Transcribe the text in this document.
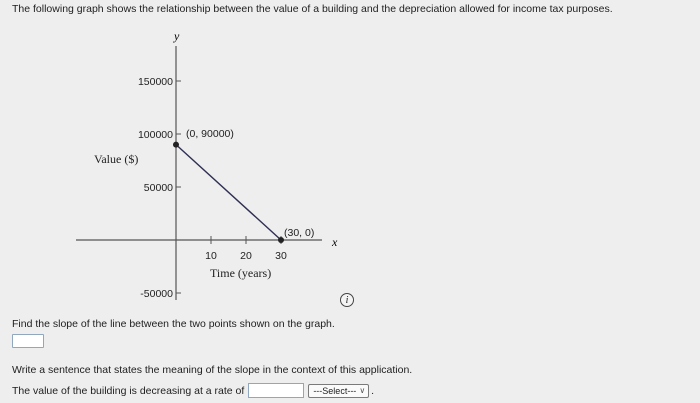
The following graph shows the relationship between the value of a building and the depreciation allowed for income tax purposes.
150000
100000
50000
-50000
10 20 30
y
x
(0, 90000)
(30, 0)
Value ($)
Time (years)
i
Find the slope of the line between the two points shown on the graph.
Write a sentence that states the meaning of the slope in the context of this application.
The value of the building is decreasing at a rate of	---Select--- ∨ .
